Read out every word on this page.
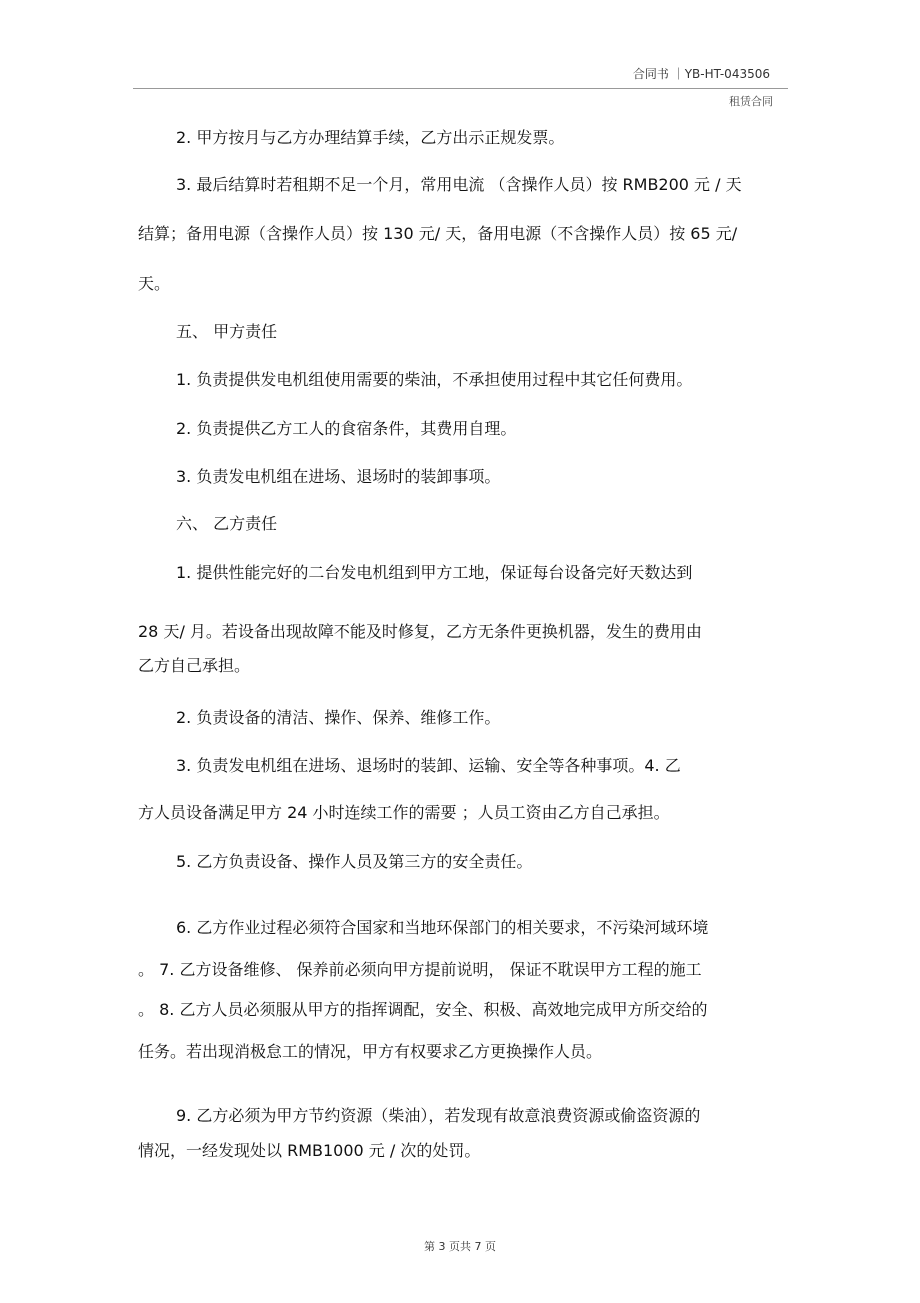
合同书 ｜YB-HT-043506
租赁合同
2. 甲方按月与乙方办理结算手续，乙方出示正规发票。
3. 最后结算时若租期不足一个月，常用电流 （含操作人员）按 RMB200 元 / 天
结算；备用电源（含操作人员）按 130 元/ 天，备用电源（不含操作人员）按 65 元/
天。
五、 甲方责任
1. 负责提供发电机组使用需要的柴油，不承担使用过程中其它任何费用。
2. 负责提供乙方工人的食宿条件，其费用自理。
3. 负责发电机组在进场、退场时的装卸事项。
六、 乙方责任
1. 提供性能完好的二台发电机组到甲方工地，保证每台设备完好天数达到
28 天/ 月。若设备出现故障不能及时修复，乙方无条件更换机器，发生的费用由
乙方自己承担。
2. 负责设备的清洁、操作、保养、维修工作。
3. 负责发电机组在进场、退场时的装卸、运输、安全等各种事项。4. 乙
方人员设备满足甲方 24 小时连续工作的需要 ；人员工资由乙方自己承担。
5. 乙方负责设备、操作人员及第三方的安全责任。
6. 乙方作业过程必须符合国家和当地环保部门的相关要求，不污染河域环境
。 7. 乙方设备维修、 保养前必须向甲方提前说明， 保证不耽误甲方工程的施工
。 8. 乙方人员必须服从甲方的指挥调配，安全、积极、高效地完成甲方所交给的
任务。若出现消极怠工的情况，甲方有权要求乙方更换操作人员。
9. 乙方必须为甲方节约资源（柴油），若发现有故意浪费资源或偷盗资源的
情况，一经发现处以 RMB1000 元 / 次的处罚。
第 3 页共 7 页
